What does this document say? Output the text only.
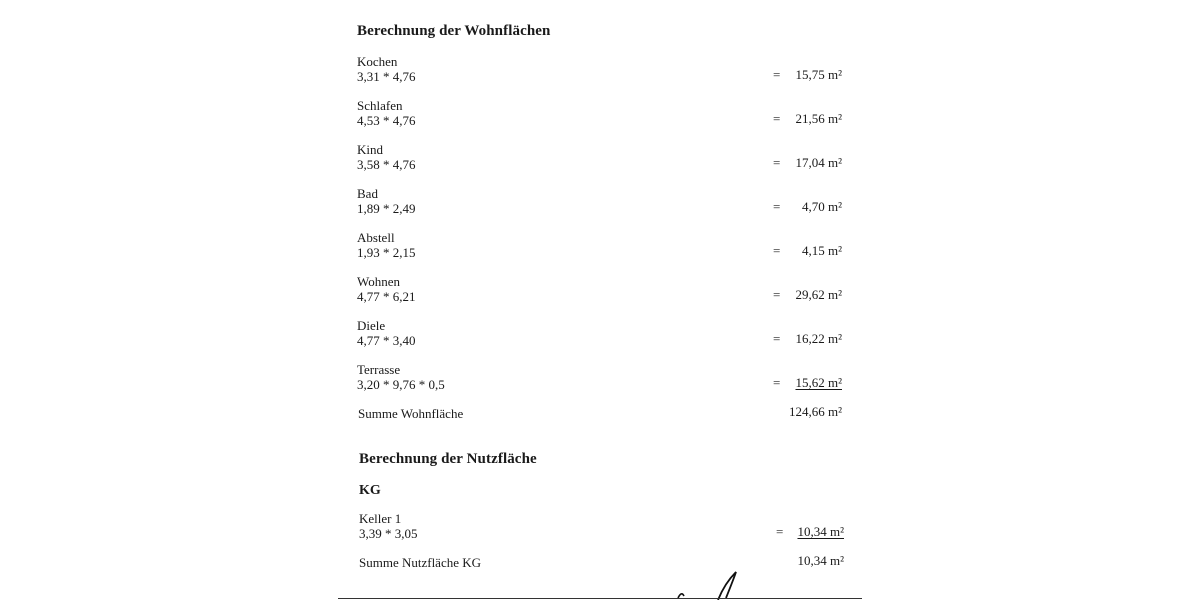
Berechnung der Wohnflächen
Kochen
3,31 * 4,76	=	15,75 m²
Schlafen
4,53 * 4,76	=	21,56 m²
Kind
3,58 * 4,76	=	17,04 m²
Bad
1,89 * 2,49	=	4,70 m²
Abstell
1,93 * 2,15	=	4,15 m²
Wohnen
4,77 * 6,21	=	29,62 m²
Diele
4,77 * 3,40	=	16,22 m²
Terrasse
3,20 * 9,76 * 0,5	=	15,62 m²
Summe Wohnfläche	124,66 m²
Berechnung der Nutzfläche
KG
Keller 1
3,39 * 3,05	=	10,34 m²
Summe Nutzfläche KG	10,34 m²
